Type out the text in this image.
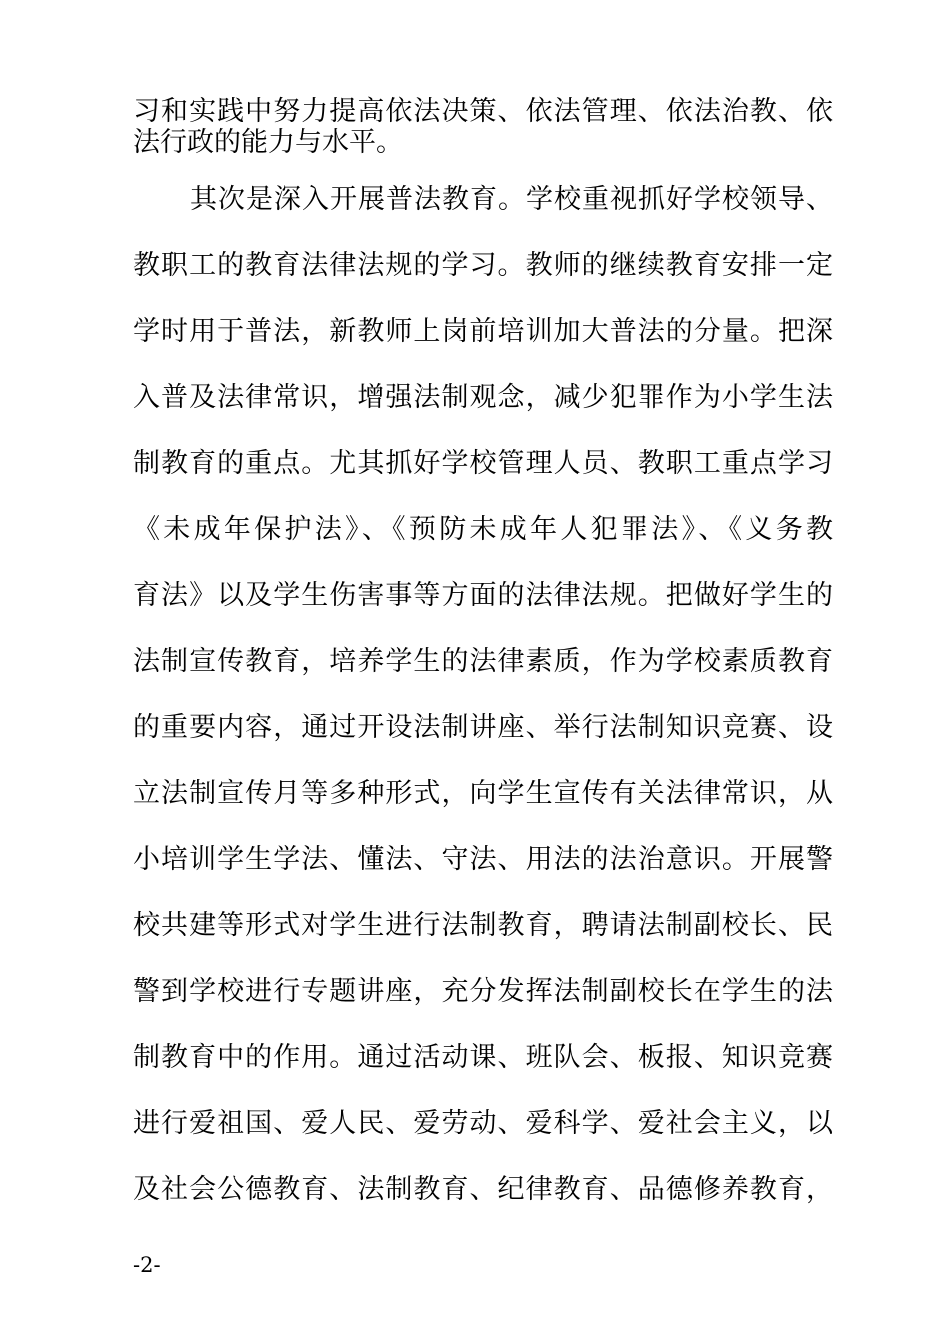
习和实践中努力提高依法决策、依法管理、依法治教、依
法行政的能力与水平。
其次是深入开展普法教育。学校重视抓好学校领导、
教职工的教育法律法规的学习。教师的继续教育安排一定
学时用于普法，新教师上岗前培训加大普法的分量。把深
入普及法律常识，增强法制观念，减少犯罪作为小学生法
制教育的重点。尤其抓好学校管理人员、教职工重点学习
《未成年保护法》、《预防未成年人犯罪法》、《义务教
育法》以及学生伤害事等方面的法律法规。把做好学生的
法制宣传教育，培养学生的法律素质，作为学校素质教育
的重要内容，通过开设法制讲座、举行法制知识竞赛、设
立法制宣传月等多种形式，向学生宣传有关法律常识，从
小培训学生学法、懂法、守法、用法的法治意识。开展警
校共建等形式对学生进行法制教育，聘请法制副校长、民
警到学校进行专题讲座，充分发挥法制副校长在学生的法
制教育中的作用。通过活动课、班队会、板报、知识竞赛
进行爱祖国、爱人民、爱劳动、爱科学、爱社会主义，以
及社会公德教育、法制教育、纪律教育、品德修养教育，
-2-
